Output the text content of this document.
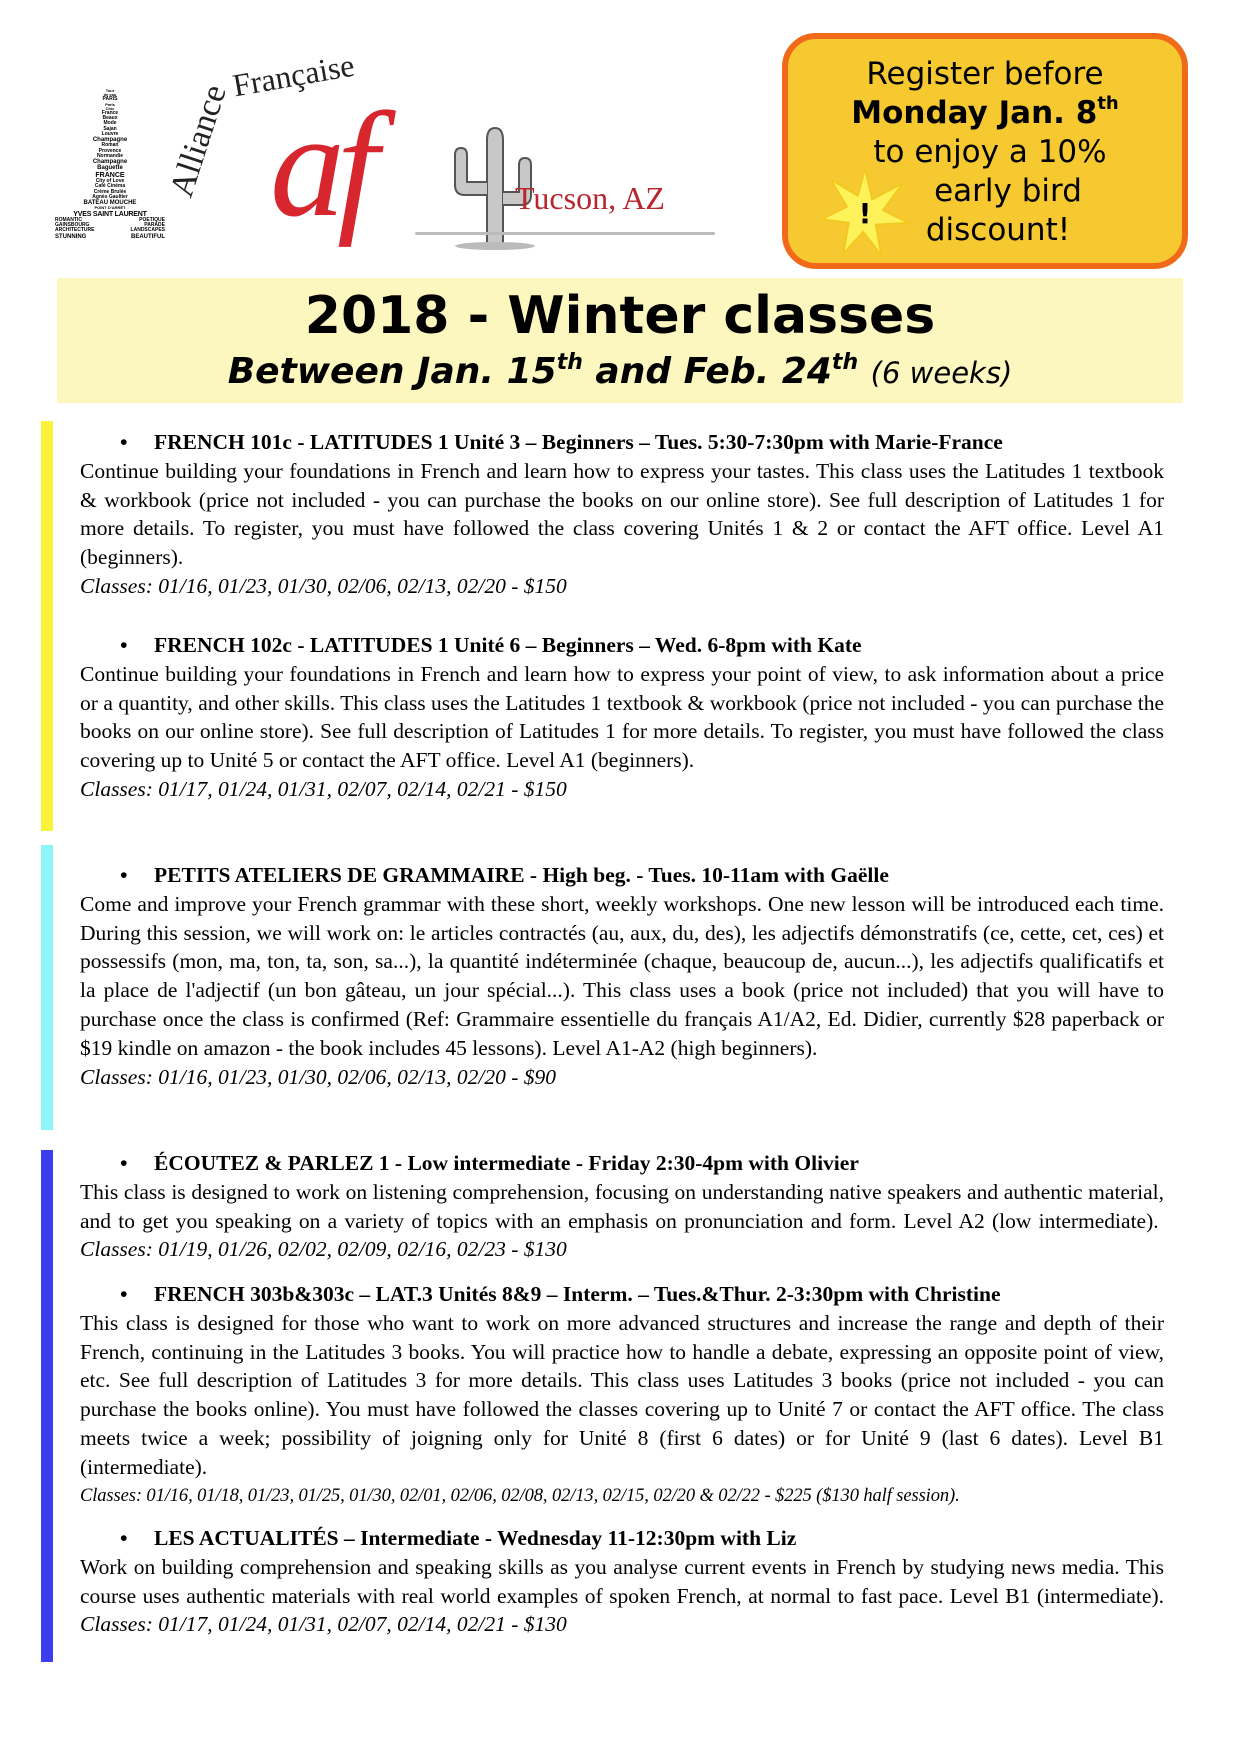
Tour
de eau
PARIS
Paris
Chic
France
Beaux
Mode
Sajan
Louvre
Champagne
Roman
Provence
Normandie
Champagne
Baguette
FRANCE
City of Love
Café Cinéma
Crème Brulée
Agnès Gaultier
BATEAU MOUCHE
POINT D'ARRÊT
YVES SAINT LAURENT
ROMANTIC	POETIQUE
GAINSBOURG	PARADE
ARCHITECTURE	LANDSCAPES
STUNNING	BEAUTIFUL
Alliance
Française
af	Tucson, AZ
Register before
Monday Jan. 8th
to enjoy a 10%
early bird
discount!
!
2018 - Winter classes
Between Jan. 15th and Feb. 24th (6 weeks)
• FRENCH 101c - LATITUDES 1 Unité 3 – Beginners – Tues. 5:30-7:30pm with Marie-France
Continue building your foundations in French and learn how to express your tastes. This class uses the Latitudes 1 textbook & workbook (price not included - you can purchase the books on our online store). See full description of Latitudes 1 for more details. To register, you must have followed the class covering Unités 1 & 2 or contact the AFT office. Level A1 (beginners).
Classes: 01/16, 01/23, 01/30, 02/06, 02/13, 02/20 - $150
• FRENCH 102c - LATITUDES 1 Unité 6 – Beginners – Wed. 6-8pm with Kate
Continue building your foundations in French and learn how to express your point of view, to ask information about a price or a quantity, and other skills. This class uses the Latitudes 1 textbook & workbook (price not included - you can purchase the books on our online store). See full description of Latitudes 1 for more details. To register, you must have followed the class covering up to Unité 5 or contact the AFT office. Level A1 (beginners).
Classes: 01/17, 01/24, 01/31, 02/07, 02/14, 02/21 - $150
• PETITS ATELIERS DE GRAMMAIRE - High beg. - Tues. 10-11am with Gaëlle
Come and improve your French grammar with these short, weekly workshops. One new lesson will be introduced each time. During this session, we will work on: le articles contractés (au, aux, du, des), les adjectifs démonstratifs (ce, cette, cet, ces) et possessifs (mon, ma, ton, ta, son, sa...), la quantité indéterminée (chaque, beaucoup de, aucun...), les adjectifs qualificatifs et la place de l'adjectif (un bon gâteau, un jour spécial...). This class uses a book (price not included) that you will have to purchase once the class is confirmed (Ref: Grammaire essentielle du français A1/A2, Ed. Didier, currently $28 paperback or $19 kindle on amazon - the book includes 45 lessons). Level A1-A2 (high beginners).
Classes: 01/16, 01/23, 01/30, 02/06, 02/13, 02/20 - $90
• ÉCOUTEZ & PARLEZ 1 - Low intermediate - Friday 2:30-4pm with Olivier
This class is designed to work on listening comprehension, focusing on understanding native speakers and authentic material, and to get you speaking on a variety of topics with an emphasis on pronunciation and form. Level A2 (low intermediate).  Classes: 01/19, 01/26, 02/02, 02/09, 02/16, 02/23 - $130
• FRENCH 303b&303c – LAT.3 Unités 8&9 – Interm. – Tues.&Thur. 2-3:30pm with Christine
This class is designed for those who want to work on more advanced structures and increase the range and depth of their French, continuing in the Latitudes 3 books. You will practice how to handle a debate, expressing an opposite point of view, etc. See full description of Latitudes 3 for more details. This class uses Latitudes 3 books (price not included - you can purchase the books online). You must have followed the classes covering up to Unité 7 or contact the AFT office. The class meets twice a week; possibility of joigning only for Unité 8 (first 6 dates) or for Unité 9 (last 6 dates). Level B1 (intermediate).
Classes: 01/16, 01/18, 01/23, 01/25, 01/30, 02/01, 02/06, 02/08, 02/13, 02/15, 02/20 & 02/22 - $225 ($130 half session).
• LES ACTUALITÉS – Intermediate - Wednesday 11-12:30pm with Liz
Work on building comprehension and speaking skills as you analyse current events in French by studying news media. This course uses authentic materials with real world examples of spoken French, at normal to fast pace. Level B1 (intermediate). Classes: 01/17, 01/24, 01/31, 02/07, 02/14, 02/21 - $130
